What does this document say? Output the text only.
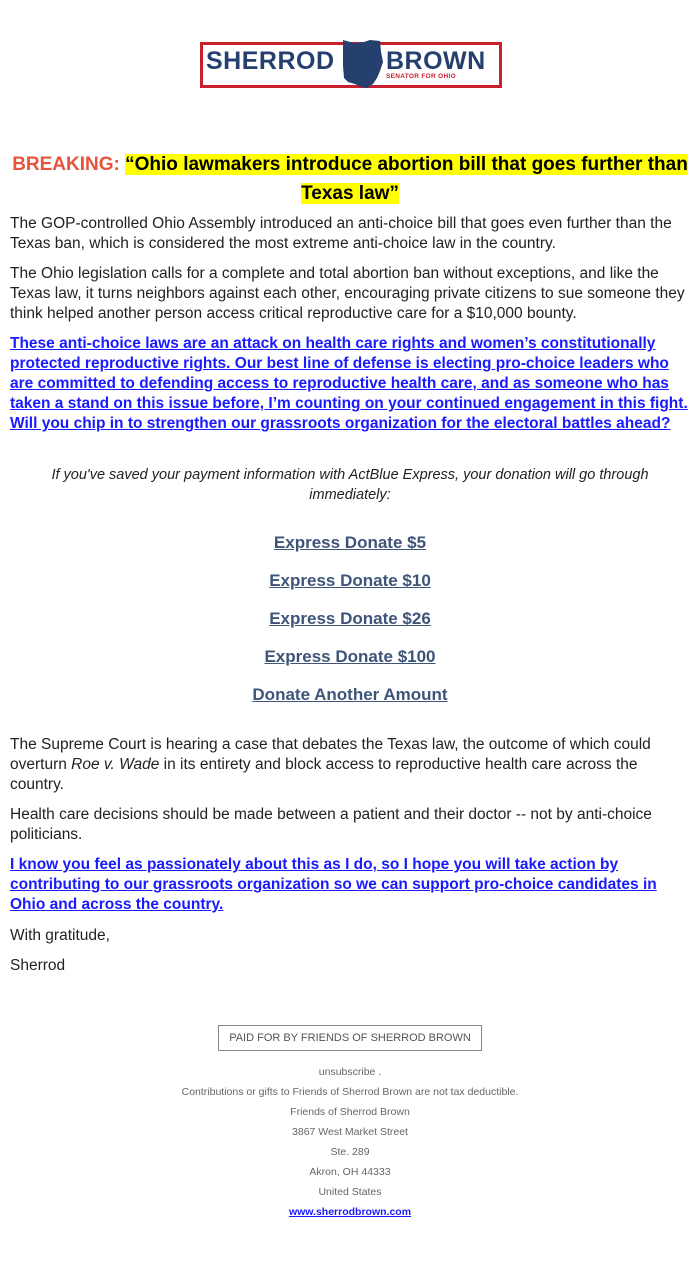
SHERROD BROWN
SENATOR FOR OHIO
BREAKING: “Ohio lawmakers introduce abortion bill that goes further than Texas law”

The GOP-controlled Ohio Assembly introduced an anti-choice bill that goes even further than the Texas ban, which is considered the most extreme anti-choice law in the country.

The Ohio legislation calls for a complete and total abortion ban without exceptions, and like the Texas law, it turns neighbors against each other, encouraging private citizens to sue someone they think helped another person access critical reproductive care for a $10,000 bounty.

These anti-choice laws are an attack on health care rights and women’s constitutionally protected reproductive rights. Our best line of defense is electing pro-choice leaders who are committed to defending access to reproductive health care, and as someone who has taken a stand on this issue before, I’m counting on your continued engagement in this fight. Will you chip in to strengthen our grassroots organization for the electoral battles ahead?
If you've saved your payment information with ActBlue Express, your donation will go through immediately:
Express Donate $5
Express Donate $10
Express Donate $26
Express Donate $100
Donate Another Amount

The Supreme Court is hearing a case that debates the Texas law, the outcome of which could overturn Roe v. Wade in its entirety and block access to reproductive health care across the country.

Health care decisions should be made between a patient and their doctor -- not by anti-choice politicians.

I know you feel as passionately about this as I do, so I hope you will take action by contributing to our grassroots organization so we can support pro-choice candidates in Ohio and across the country.

With gratitude,

Sherrod

PAID FOR BY FRIENDS OF SHERROD BROWN
unsubscribe .
Contributions or gifts to Friends of Sherrod Brown are not tax deductible.
Friends of Sherrod Brown
3867 West Market Street
Ste. 289
Akron, OH 44333
United States
www.sherrodbrown.com
